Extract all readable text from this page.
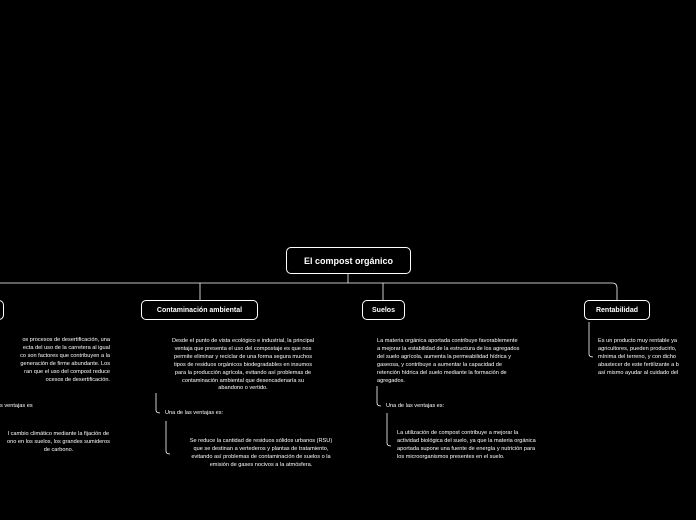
El compost orgánico
Contaminación ambiental	Suelos	Rentabilidad
os procesos de desertificación, una
ecta del uso de la carretera al igual
co son factores que contribuyen a la
generación de firme abundante. Los
ran que el uso del compost reduce
ocesos de desertificación.
s ventajas es
l cambio climático mediante la fijación de
ono en los suelos, los grandes sumideros
de carbono.
Desde el punto de vista ecológico e industrial, la principal
ventaja que presenta el uso del compostaje es que nos
permite eliminar y reciclar de una forma segura muchos
tipos de residuos orgánicos biodegradables en insumos
para la producción agrícola, evitando así problemas de
contaminación ambiental que desencadenaría su
abandono o vertido.
Una de las ventajas es:
Se reduce la cantidad de residuos sólidos urbanos (RSU)
que se destinan a vertederos y plantas de tratamiento,
evitando así problemas de contaminación de suelos o la
emisión de gases nocivos a la atmósfera.
La materia orgánica aportada contribuye favorablemente
a mejorar la estabilidad de la estructura de los agregados
del suelo agrícola, aumenta la permeabilidad hídrica y
gaseosa, y contribuye a aumentar la capacidad de
retención hídrica del suelo mediante la formación de
agregados.
Una de las ventajas es:
La utilización de compost contribuye a mejorar la
actividad biológica del suelo, ya que la materia orgánica
aportada supone una fuente de energía y nutrición para
los microorganismos presentes en el suelo.
Es un producto muy rentable ya
agricultores, pueden producirlo,
mínima del terreno, y con dicho
abastecer de este fertilizante a b
así mismo ayudar al cuidado del
